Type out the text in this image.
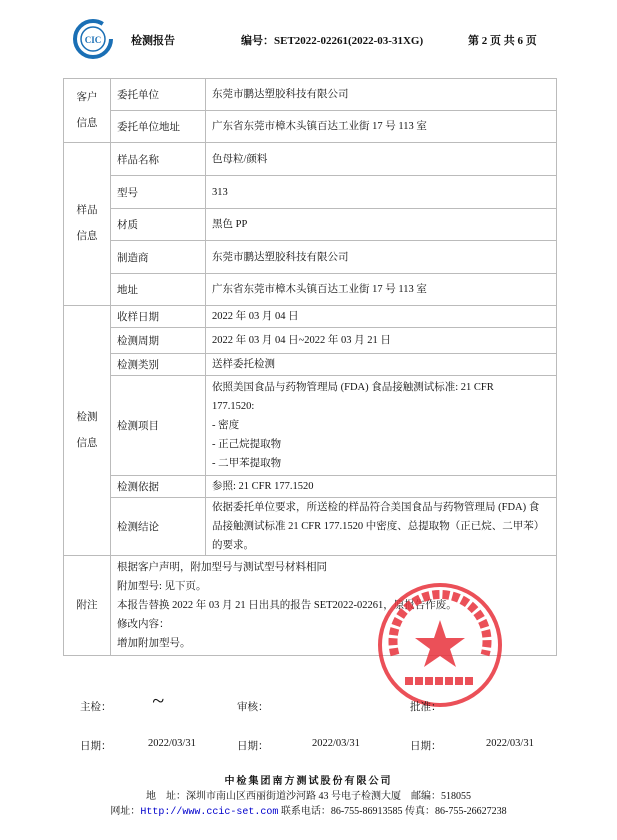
CIC	检测报告	编号：SET2022-02261(2022-03-31XG)	第 2 页 共 6 页
客户
信息	委托单位	东莞市鹏达塑胶科技有限公司
	委托单位地址	广东省东莞市樟木头镇百达工业街 17 号 113 室
样品
信息	样品名称	色母粒/颜料
	型号	313
	材质	黑色 PP
	制造商	东莞市鹏达塑胶科技有限公司
	地址	广东省东莞市樟木头镇百达工业街 17 号 113 室
检测
信息	收样日期	2022 年 03 月 04 日

	检测周期	2022 年 03 月 04 日~2022 年 03 月 21 日

	检测类别	送样委托检测

	检测项目	依照美国食品与药物管理局 (FDA) 食品接触测试标准: 21 CFR
177.1520:
- 密度
- 正己烷提取物
- 二甲苯提取物

	检测依据	参照: 21 CFR 177.1520

	检测结论	依据委托单位要求，所送检的样品符合美国食品与药物管理局 (FDA) 食
品接触测试标准 21 CFR 177.1520 中密度、总提取物（正已烷、二甲苯）
的要求。

附注	根据客户声明，附加型号与测试型号材料相同
附加型号: 见下页。
本报告替换 2022 年 03 月 21 日出具的报告 SET2022-02261，原报告作废。
修改内容：
增加附加型号。	
主检： ~	审核：	批准：
日期：	2022/03/31	日期：	2022/03/31	日期：	2022/03/31
中检集团南方测试股份有限公司
地　址：深圳市南山区西丽街道沙河路 43 号电子检测大厦　邮编：518055
网址：Http://www.ccic-set.com 联系电话：86-755-86913585 传真：86-755-26627238
